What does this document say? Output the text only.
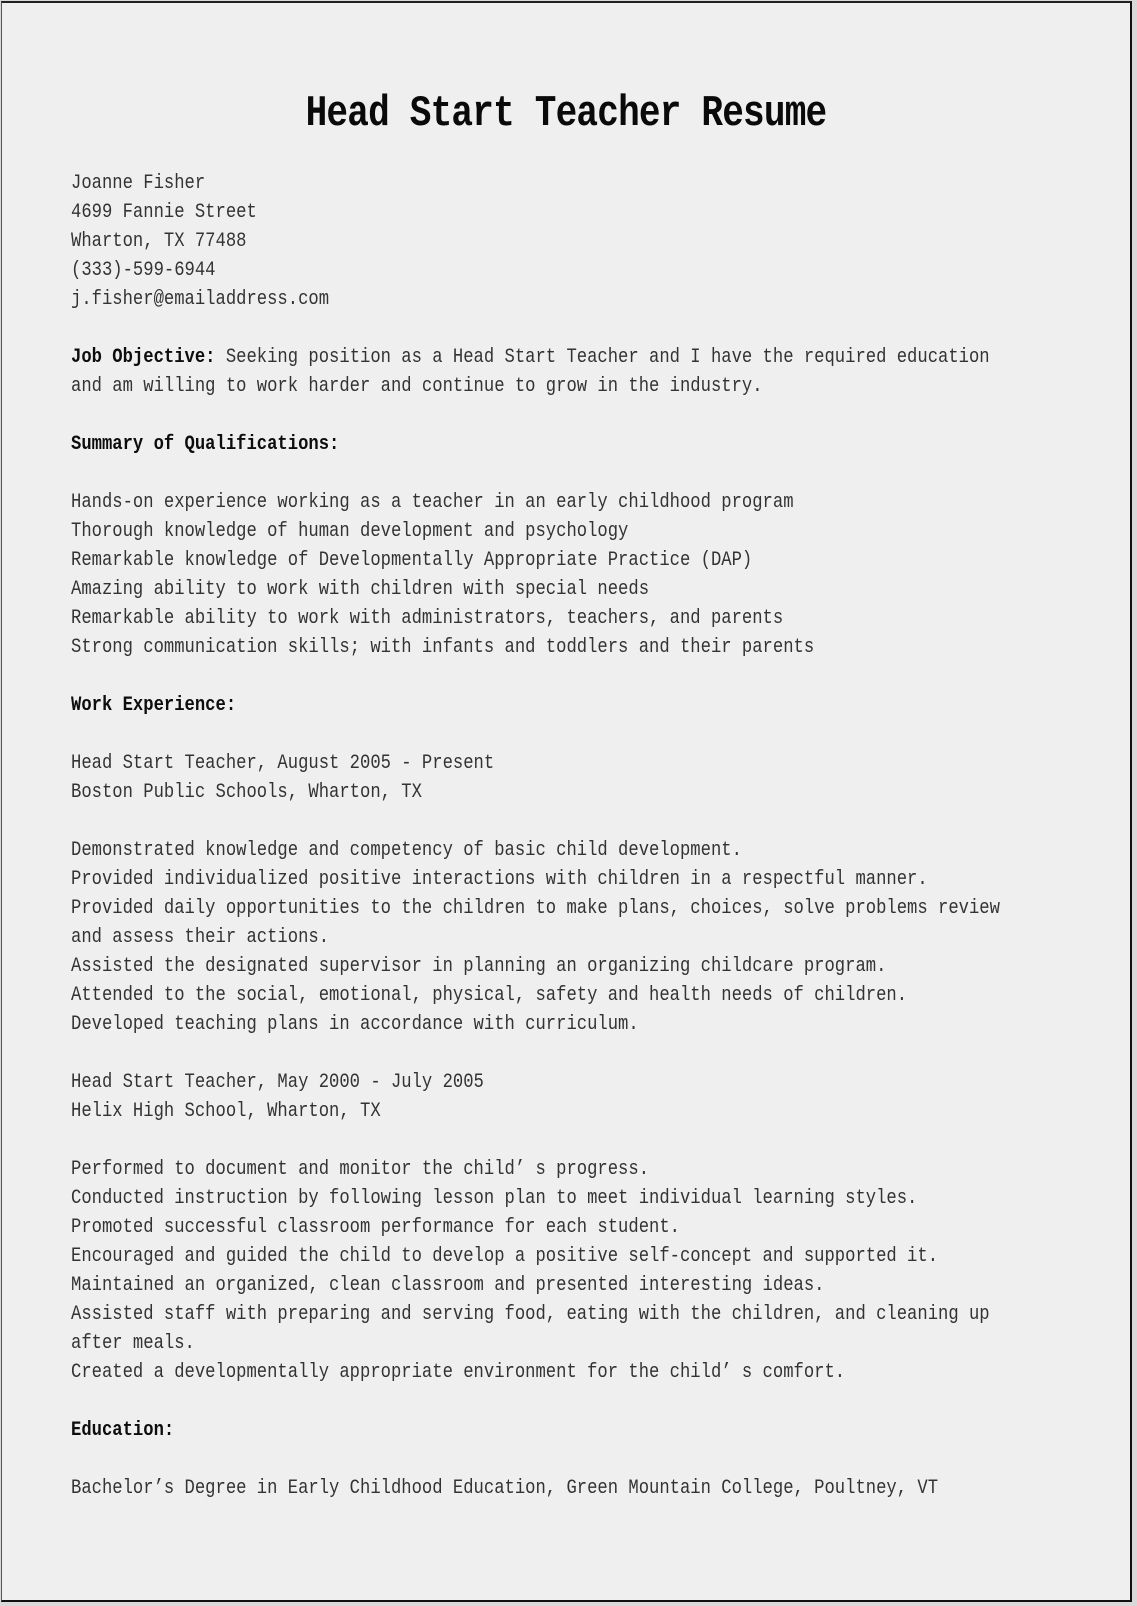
Head Start Teacher Resume
Joanne Fisher
4699 Fannie Street
Wharton, TX 77488
(333)-599-6944
j.fisher@emailaddress.com
Job Objective: Seeking position as a Head Start Teacher and I have the required education
and am willing to work harder and continue to grow in the industry.
Summary of Qualifications:
Hands-on experience working as a teacher in an early childhood program
Thorough knowledge of human development and psychology
Remarkable knowledge of Developmentally Appropriate Practice (DAP)
Amazing ability to work with children with special needs
Remarkable ability to work with administrators, teachers, and parents
Strong communication skills; with infants and toddlers and their parents
Work Experience:
Head Start Teacher, August 2005 - Present
Boston Public Schools, Wharton, TX
Demonstrated knowledge and competency of basic child development.
Provided individualized positive interactions with children in a respectful manner.
Provided daily opportunities to the children to make plans, choices, solve problems review
and assess their actions.
Assisted the designated supervisor in planning an organizing childcare program.
Attended to the social, emotional, physical, safety and health needs of children.
Developed teaching plans in accordance with curriculum.
Head Start Teacher, May 2000 - July 2005
Helix High School, Wharton, TX
Performed to document and monitor the child’ s progress.
Conducted instruction by following lesson plan to meet individual learning styles.
Promoted successful classroom performance for each student.
Encouraged and guided the child to develop a positive self-concept and supported it.
Maintained an organized, clean classroom and presented interesting ideas.
Assisted staff with preparing and serving food, eating with the children, and cleaning up
after meals.
Created a developmentally appropriate environment for the child’ s comfort.
Education:
Bachelor’s Degree in Early Childhood Education, Green Mountain College, Poultney, VT
